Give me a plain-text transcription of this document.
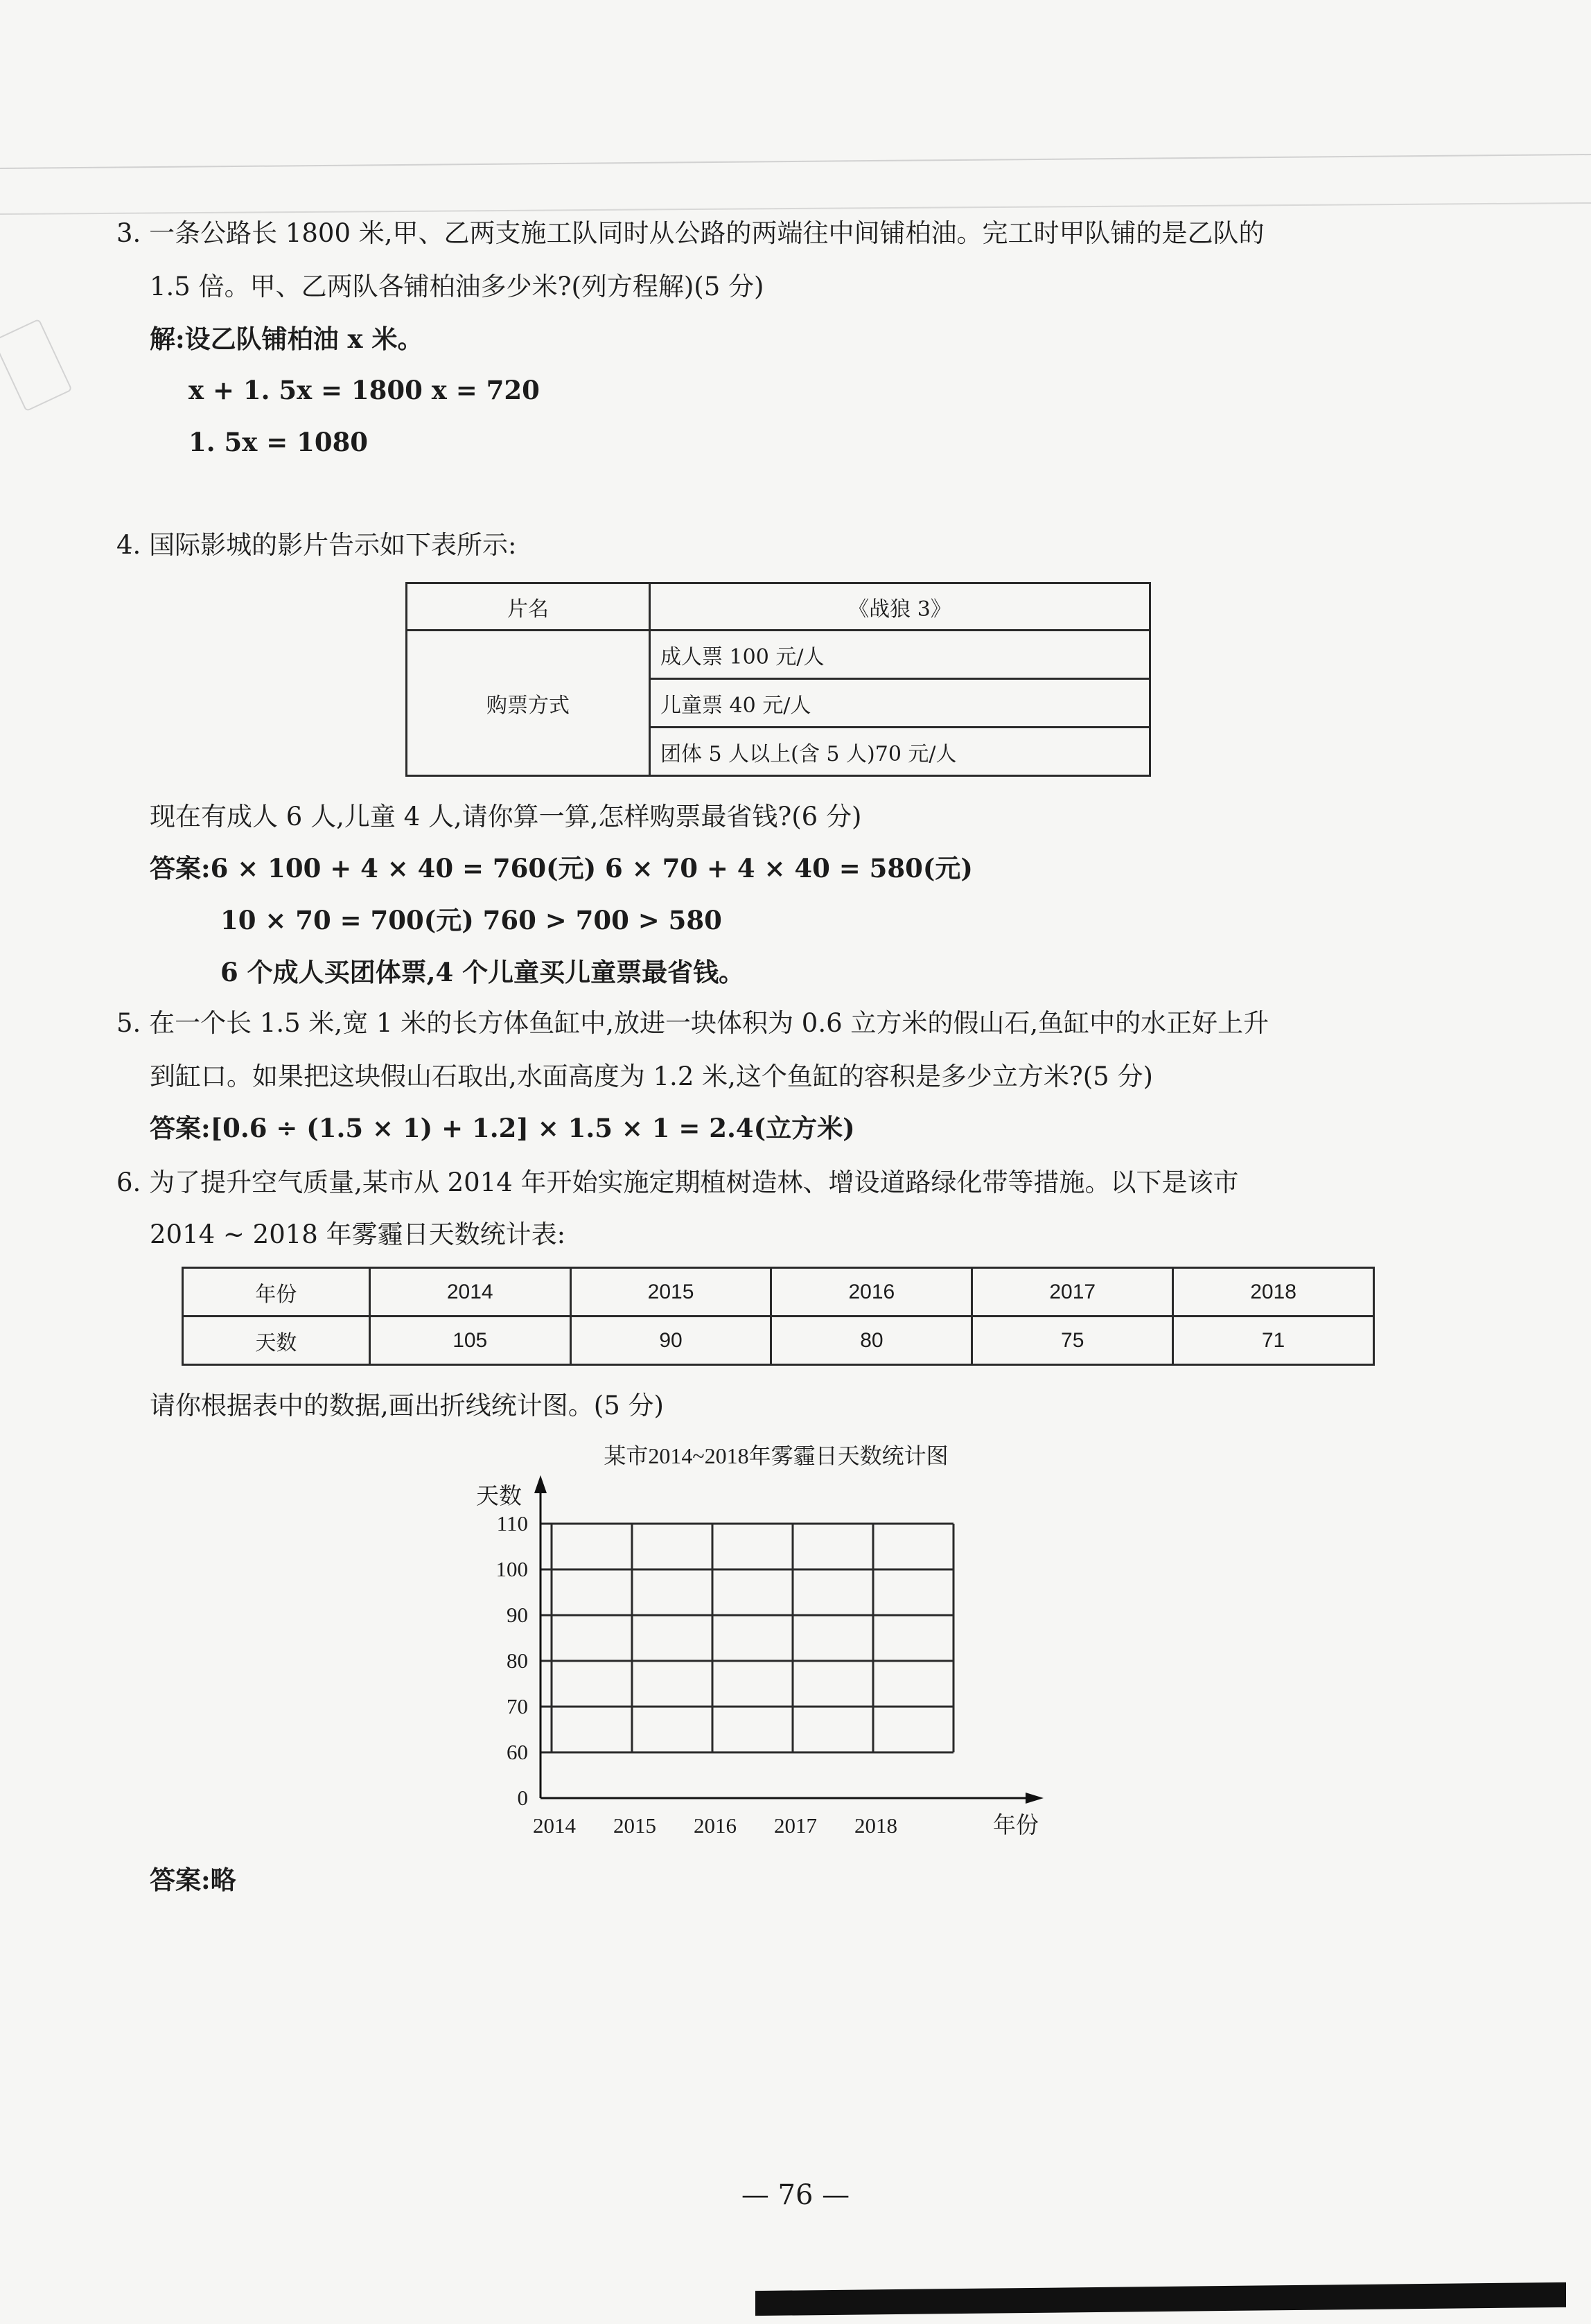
3. 一条公路长 1800 米,甲、乙两支施工队同时从公路的两端往中间铺柏油。完工时甲队铺的是乙队的
1.5 倍。甲、乙两队各铺柏油多少米?(列方程解)(5 分)
解:设乙队铺柏油 x 米。
x + 1. 5x = 1800 x = 720
1. 5x = 1080
4. 国际影城的影片告示如下表所示:
片名	《战狼 3》
购票方式	成人票 100 元/人
	儿童票 40 元/人
	团体 5 人以上(含 5 人)70 元/人
现在有成人 6 人,儿童 4 人,请你算一算,怎样购票最省钱?(6 分)
答案:6 × 100 + 4 × 40 = 760(元) 6 × 70 + 4 × 40 = 580(元)
10 × 70 = 700(元) 760 > 700 > 580
6 个成人买团体票,4 个儿童买儿童票最省钱。
5. 在一个长 1.5 米,宽 1 米的长方体鱼缸中,放进一块体积为 0.6 立方米的假山石,鱼缸中的水正好上升
到缸口。如果把这块假山石取出,水面高度为 1.2 米,这个鱼缸的容积是多少立方米?(5 分)
答案:[0.6 ÷ (1.5 × 1) + 1.2] × 1.5 × 1 = 2.4(立方米)
6. 为了提升空气质量,某市从 2014 年开始实施定期植树造林、增设道路绿化带等措施。以下是该市
2014 ~ 2018 年雾霾日天数统计表:
年份	2014	2015	2016	2017	2018
天数	105	90	80	75	71
请你根据表中的数据,画出折线统计图。(5 分)
某市2014~2018年雾霾日天数统计图
天数
110
100
90
80
70
60
0
2014 2015 2016 2017 2018	年份
答案:略
— 76 —
